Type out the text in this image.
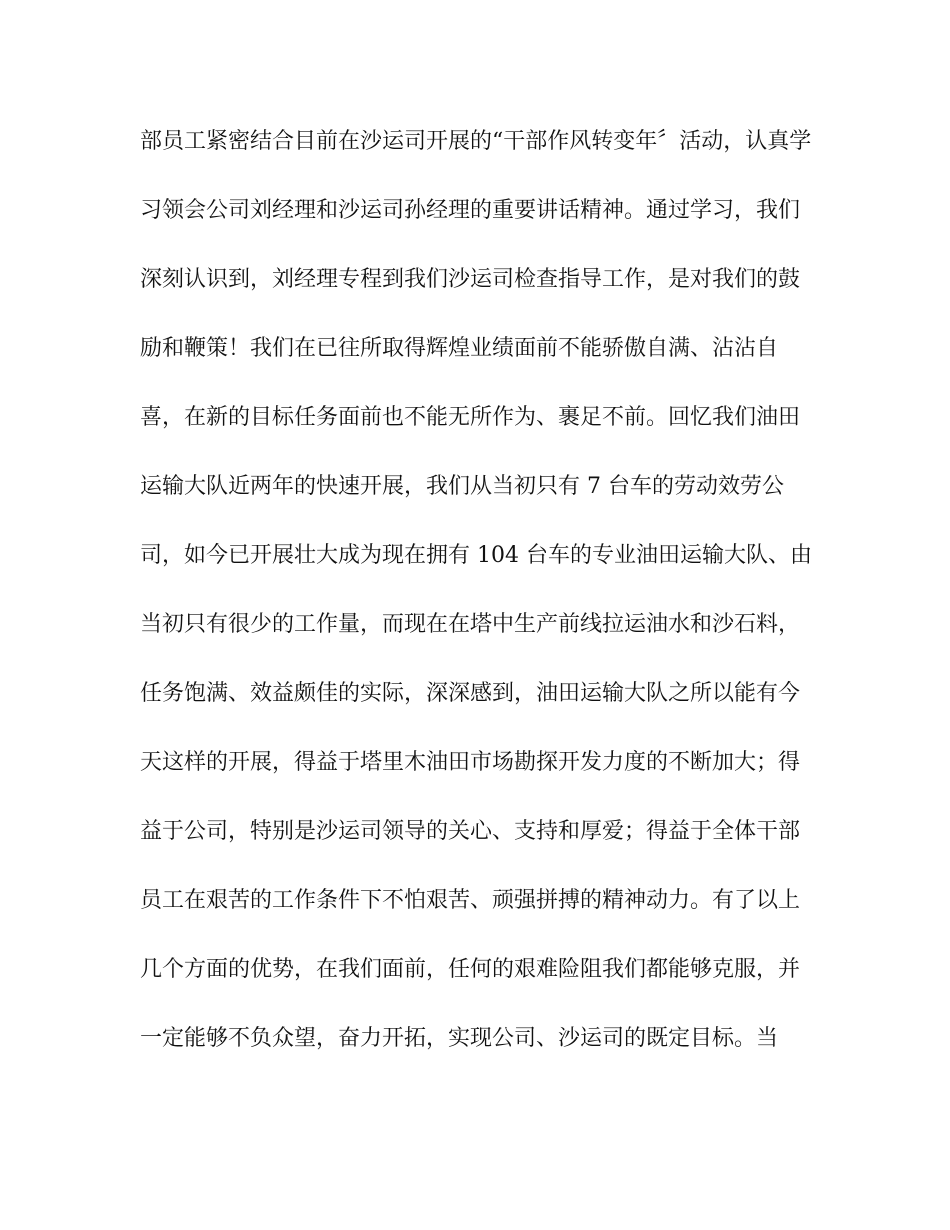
部员工紧密结合目前在沙运司开展的“干部作风转变年〞活动，认真学
习领会公司刘经理和沙运司孙经理的重要讲话精神。通过学习，我们
深刻认识到，刘经理专程到我们沙运司检查指导工作，是对我们的鼓
励和鞭策！我们在已往所取得辉煌业绩面前不能骄傲自满、沾沾自
喜，在新的目标任务面前也不能无所作为、裹足不前。回忆我们油田
运输大队近两年的快速开展，我们从当初只有 7 台车的劳动效劳公
司，如今已开展壮大成为现在拥有 104 台车的专业油田运输大队、由
当初只有很少的工作量，而现在在塔中生产前线拉运油水和沙石料，
任务饱满、效益颇佳的实际，深深感到，油田运输大队之所以能有今
天这样的开展，得益于塔里木油田市场勘探开发力度的不断加大；得
益于公司，特别是沙运司领导的关心、支持和厚爱；得益于全体干部
员工在艰苦的工作条件下不怕艰苦、顽强拼搏的精神动力。有了以上
几个方面的优势，在我们面前，任何的艰难险阻我们都能够克服，并
一定能够不负众望，奋力开拓，实现公司、沙运司的既定目标。当
